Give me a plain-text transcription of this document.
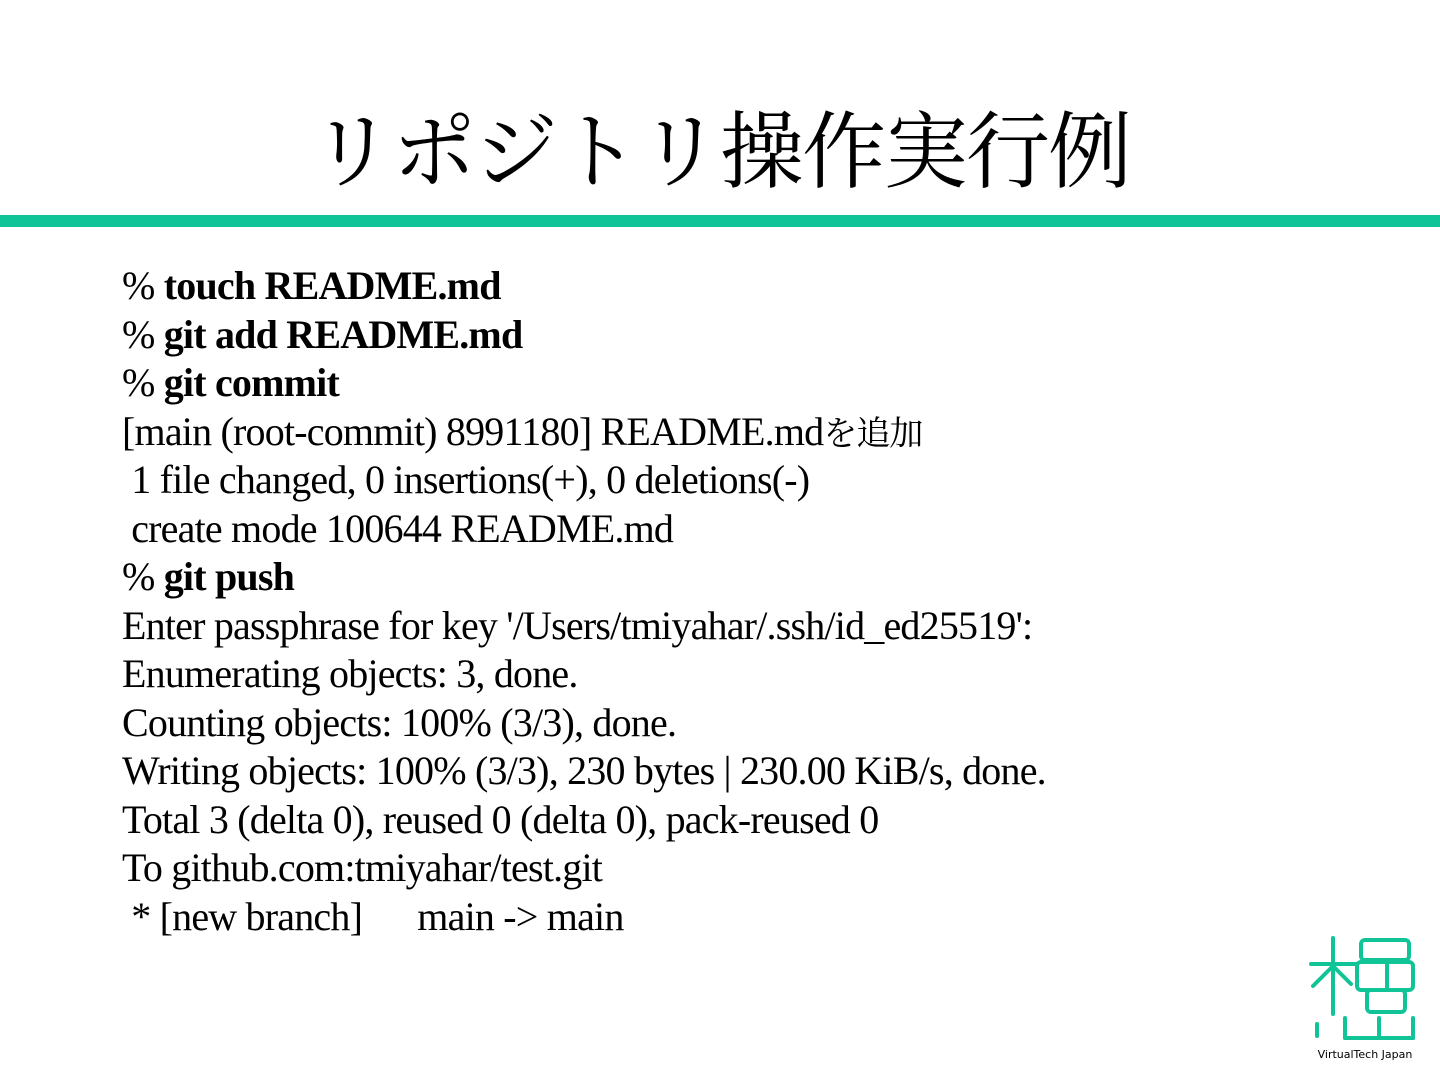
リポジトリ操作実行例
% touch README.md
% git add README.md
% git commit
[main (root-commit) 8991180] README.mdを追加
1 file changed, 0 insertions(+), 0 deletions(-)
create mode 100644 README.md
% git push
Enter passphrase for key '/Users/tmiyahar/.ssh/id_ed25519':
Enumerating objects: 3, done.
Counting objects: 100% (3/3), done.
Writing objects: 100% (3/3), 230 bytes | 230.00 KiB/s, done.
Total 3 (delta 0), reused 0 (delta 0), pack-reused 0
To github.com:tmiyahar/test.git
* [new branch]      main -> main
VirtualTech Japan
